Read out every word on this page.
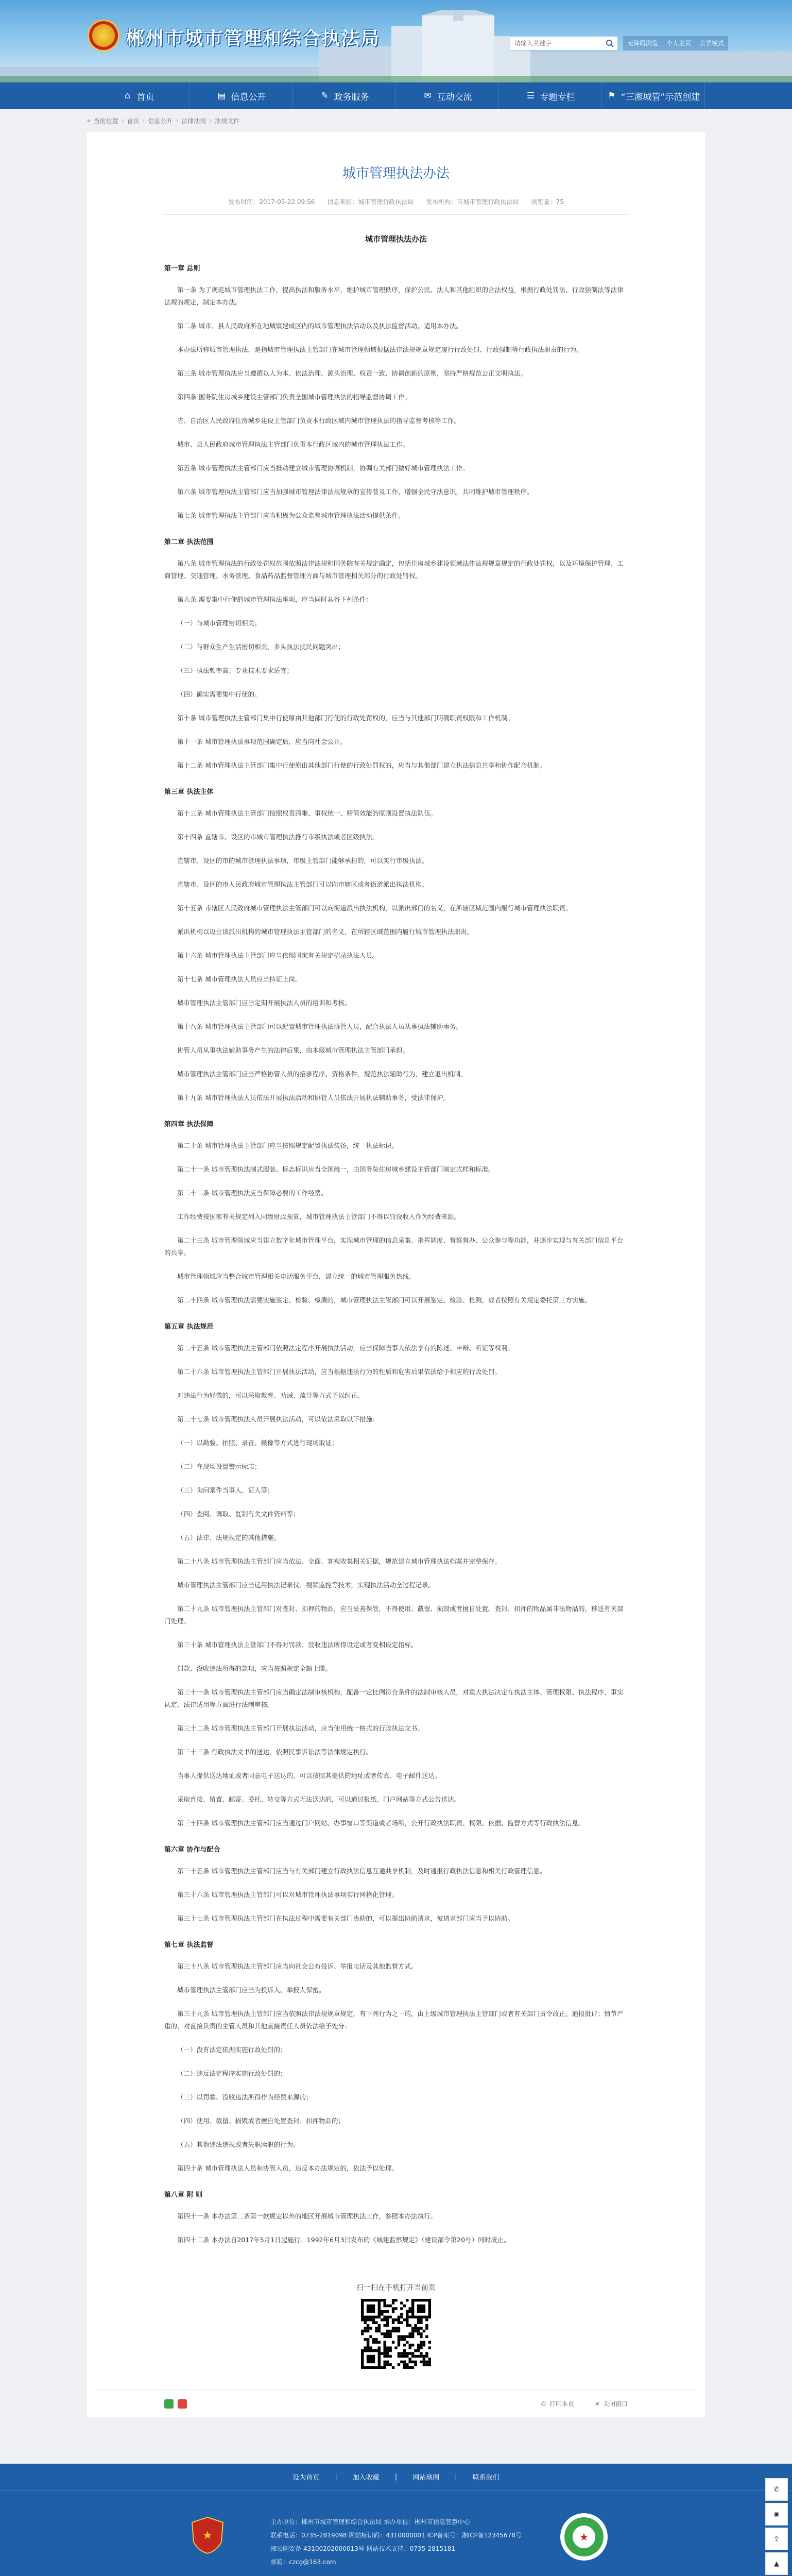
★ 郴州市城市管理和综合执法局
请输入关键字	无障碍浏览	个人主页	长辈模式
⌂ 首页	▤ 信息公开	✎ 政务服务	✉ 互动交流	☰ 专题专栏	⚑ “三湘城管”示范创建
⌖ 当前位置 › 首页 › 信息公开 › 法律法规 › 法规文件
城市管理执法办法
发布时间：2017-05-22 09:56 信息来源：城市管理行政执法局 发布机构：市城市管理行政执法局 浏览量：75
城市管理执法办法
第一章 总则

第一条 为了规范城市管理执法工作，提高执法和服务水平，维护城市管理秩序，保护公民、法人和其他组织的合法权益，根据行政处罚法、行政强制法等法律法规的规定，制定本办法。

第二条 城市、县人民政府所在地城镇建成区内的城市管理执法活动以及执法监督活动，适用本办法。

本办法所称城市管理执法，是指城市管理执法主管部门在城市管理领域根据法律法规规章规定履行行政处罚、行政强制等行政执法职责的行为。

第三条 城市管理执法应当遵循以人为本、依法治理、源头治理、权责一致、协调创新的原则，坚持严格规范公正文明执法。

第四条 国务院住房城乡建设主管部门负责全国城市管理执法的指导监督协调工作。

省、自治区人民政府住房城乡建设主管部门负责本行政区域内城市管理执法的指导监督考核等工作。

城市、县人民政府城市管理执法主管部门负责本行政区域内的城市管理执法工作。

第五条 城市管理执法主管部门应当推动建立城市管理协调机制，协调有关部门做好城市管理执法工作。

第六条 城市管理执法主管部门应当加强城市管理法律法规规章的宣传普及工作，增强全民守法意识，共同维护城市管理秩序。

第七条 城市管理执法主管部门应当积极为公众监督城市管理执法活动提供条件。

第二章 执法范围

第八条 城市管理执法的行政处罚权范围依照法律法规和国务院有关规定确定，包括住房城乡建设领域法律法规规章规定的行政处罚权，以及环境保护管理、工商管理、交通管理、水务管理、食品药品监督管理方面与城市管理相关部分的行政处罚权。

第九条 需要集中行使的城市管理执法事项，应当同时具备下列条件：

（一）与城市管理密切相关；

（二）与群众生产生活密切相关、多头执法扰民问题突出；

（三）执法频率高、专业技术要求适宜；

（四）确实需要集中行使的。

第十条 城市管理执法主管部门集中行使原由其他部门行使的行政处罚权的，应当与其他部门明确职责权限和工作机制。

第十一条 城市管理执法事项范围确定后，应当向社会公开。

第十二条 城市管理执法主管部门集中行使原由其他部门行使的行政处罚权的，应当与其他部门建立执法信息共享和协作配合机制。

第三章 执法主体

第十三条 城市管理执法主管部门按照权责清晰、事权统一、精简效能的原则设置执法队伍。

第十四条 直辖市、设区的市城市管理执法推行市级执法或者区级执法。

直辖市、设区的市的城市管理执法事项，市级主管部门能够承担的，可以实行市级执法。

直辖市、设区的市人民政府城市管理执法主管部门可以向市辖区或者街道派出执法机构。

第十五条 市辖区人民政府城市管理执法主管部门可以向街道派出执法机构，以派出部门的名义，在所辖区域范围内履行城市管理执法职责。

派出机构以设立该派出机构的城市管理执法主管部门的名义，在所辖区域范围内履行城市管理执法职责。

第十六条 城市管理执法主管部门应当依照国家有关规定招录执法人员。

第十七条 城市管理执法人员应当持证上岗。

城市管理执法主管部门应当定期开展执法人员的培训和考核。

第十八条 城市管理执法主管部门可以配置城市管理执法协管人员，配合执法人员从事执法辅助事务。

协管人员从事执法辅助事务产生的法律后果，由本级城市管理执法主管部门承担。

城市管理执法主管部门应当严格协管人员的招录程序、资格条件，规范执法辅助行为，建立退出机制。

第十九条 城市管理执法人员依法开展执法活动和协管人员依法开展执法辅助事务，受法律保护。

第四章 执法保障

第二十条 城市管理执法主管部门应当按照规定配置执法装备，统一执法标识。

第二十一条 城市管理执法制式服装、标志标识应当全国统一，由国务院住房城乡建设主管部门制定式样和标准。

第二十二条 城市管理执法应当保障必要的工作经费。

工作经费按国家有关规定列入同级财政预算，城市管理执法主管部门不得以罚没收入作为经费来源。

第二十三条 城市管理领域应当建立数字化城市管理平台，实现城市管理的信息采集、指挥调度、督察督办、公众参与等功能，并逐步实现与有关部门信息平台的共享。

城市管理领域应当整合城市管理相关电话服务平台，建立统一的城市管理服务热线。

第二十四条 城市管理执法需要实施鉴定、检验、检测的，城市管理执法主管部门可以开展鉴定、检验、检测，或者按照有关规定委托第三方实施。

第五章 执法规范

第二十五条 城市管理执法主管部门依照法定程序开展执法活动，应当保障当事人依法享有的陈述、申辩、听证等权利。

第二十六条 城市管理执法主管部门开展执法活动，应当根据违法行为的性质和危害后果依法给予相应的行政处罚。

对违法行为轻微的，可以采取教育、劝诫、疏导等方式予以纠正。

第二十七条 城市管理执法人员开展执法活动，可以依法采取以下措施：

（一）以勘验、拍照、录音、摄像等方式进行现场取证；

（二）在现场设置警示标志；

（三）询问案件当事人、证人等；

（四）查阅、调取、复制有关文件资料等；

（五）法律、法规规定的其他措施。

第二十八条 城市管理执法主管部门应当依法、全面、客观收集相关证据，规范建立城市管理执法档案并完整保存。

城市管理执法主管部门应当运用执法记录仪、视频监控等技术，实现执法活动全过程记录。

第二十九条 城市管理执法主管部门对查封、扣押的物品，应当妥善保管，不得使用、截留、损毁或者擅自处置。查封、扣押的物品属非法物品的，移送有关部门处理。

第三十条 城市管理执法主管部门不得对罚款、没收违法所得设定或者变相设定指标。

罚款、没收违法所得的款项，应当按照规定全额上缴。

第三十一条 城市管理执法主管部门应当确定法制审核机构，配备一定比例符合条件的法制审核人员，对重大执法决定在执法主体、管理权限、执法程序、事实认定、法律适用等方面进行法制审核。

第三十二条 城市管理执法主管部门开展执法活动，应当使用统一格式的行政执法文书。

第三十三条 行政执法文书的送达，依照民事诉讼法等法律规定执行。

当事人提供送达地址或者同意电子送达的，可以按照其提供的地址或者传真、电子邮件送达。

采取直接、留置、邮寄、委托、转交等方式无法送达的，可以通过报纸、门户网站等方式公告送达。

第三十四条 城市管理执法主管部门应当通过门户网站、办事窗口等渠道或者场所，公开行政执法职责、权限、依据、监督方式等行政执法信息。

第六章 协作与配合

第三十五条 城市管理执法主管部门应当与有关部门建立行政执法信息互通共享机制，及时通报行政执法信息和相关行政管理信息。

第三十六条 城市管理执法主管部门可以对城市管理执法事项实行网格化管理。

第三十七条 城市管理执法主管部门在执法过程中需要有关部门协助的，可以提出协助请求，被请求部门应当予以协助。

第七章 执法监督

第三十八条 城市管理执法主管部门应当向社会公布投诉、举报电话及其他监督方式。

城市管理执法主管部门应当为投诉人、举报人保密。

第三十九条 城市管理执法主管部门应当依照法律法规规章规定，有下列行为之一的，由上级城市管理执法主管部门或者有关部门责令改正，通报批评；情节严重的，对直接负责的主管人员和其他直接责任人员依法给予处分：

（一）没有法定依据实施行政处罚的；

（二）违反法定程序实施行政处罚的；

（三）以罚款、没收违法所得作为经费来源的；

（四）使用、截留、损毁或者擅自处置查封、扣押物品的；

（五）其他违法违规或者失职渎职的行为。

第四十条 城市管理执法人员和协管人员，违反本办法规定的，依法予以处理。

第八章 附 则

第四十一条 本办法第二条第一款规定以外的地区开展城市管理执法工作，参照本办法执行。

第四十二条 本办法自2017年5月1日起施行。1992年6月3日发布的《城建监察规定》（建设部令第20号）同时废止。

扫一扫在手机打开当前页
⎙ 打印本页	✕ 关闭窗口
设为首页 | 加入收藏 | 网站地图 | 联系我们
★
主办单位：郴州市城市管理和综合执法局 承办单位：郴州市信息智慧中心
联系电话：0735-2819098 网站标识码：4310000001 ICP备案号：湘ICP备12345678号
湘公网安备 43100202000013号 网站技术支持：0735-2815181
邮箱：czcg@163.com
★
✆
◉
⇪
▲
